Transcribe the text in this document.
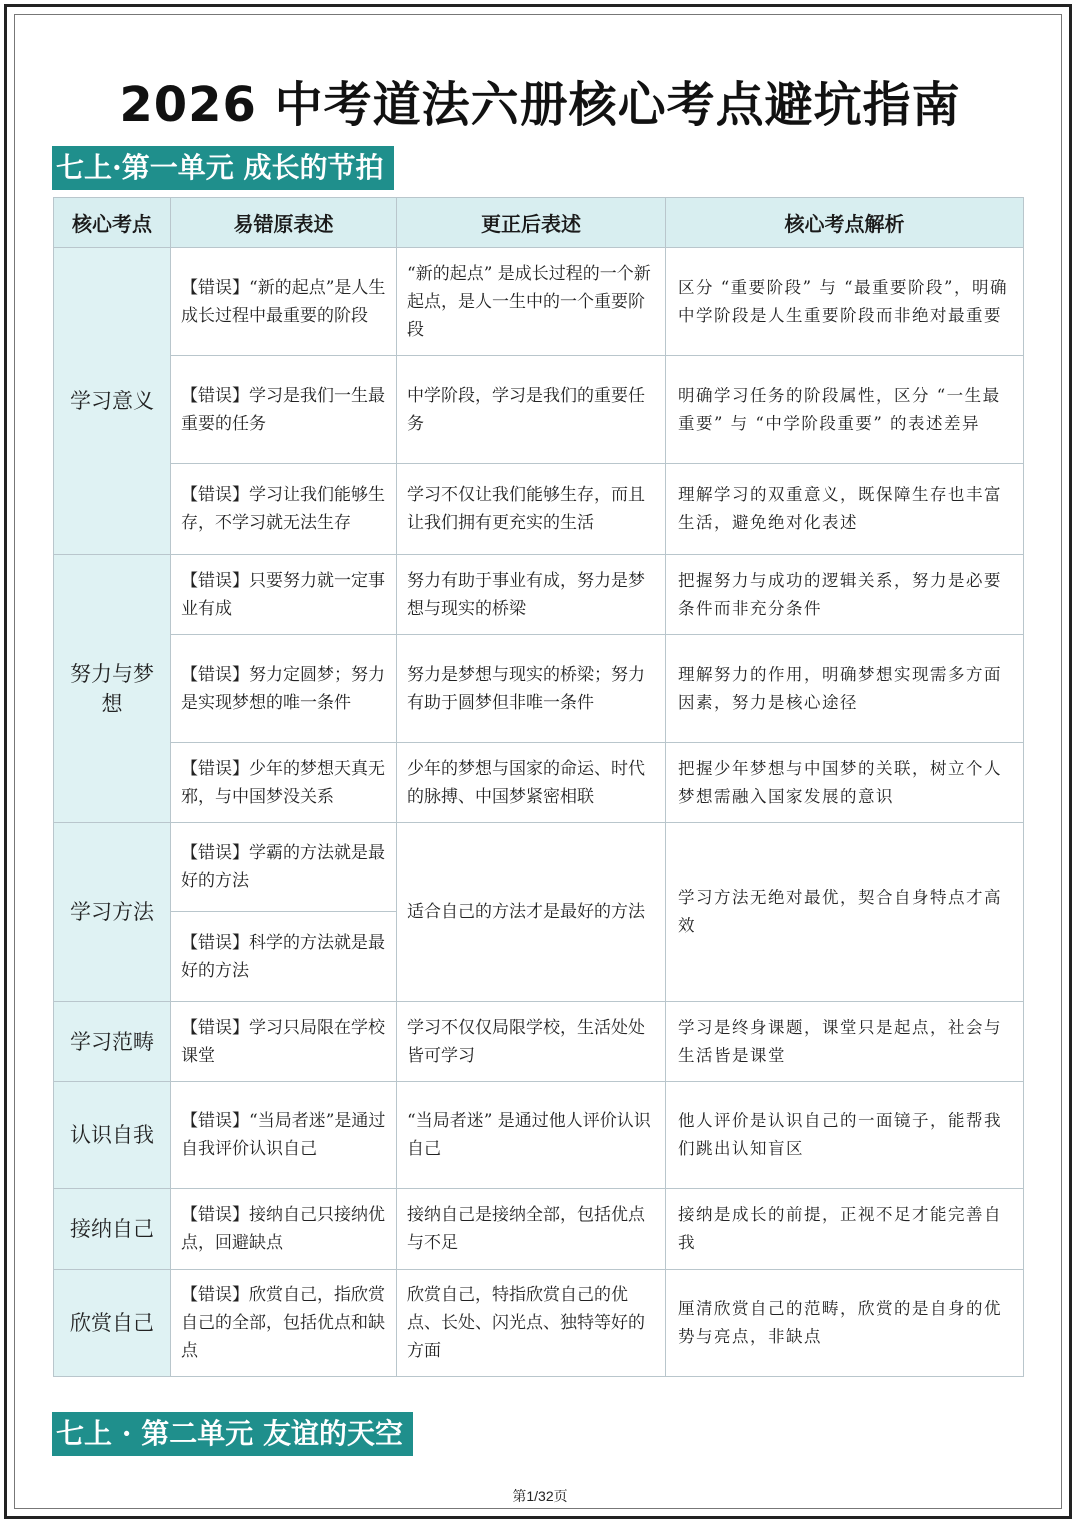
2026 中考道法六册核心考点避坑指南
七上·第一单元 成长的节拍
核心考点	易错原表述	更正后表述	核心考点解析
学习意义	【错误】“新的起点”是人生成长过程中最重要的阶段	“新的起点” 是成长过程的一个新起点，是人一生中的一个重要阶段	区分 “重要阶段” 与 “最重要阶段”，明确中学阶段是人生重要阶段而非绝对最重要
	【错误】学习是我们一生最重要的任务	中学阶段，学习是我们的重要任务	明确学习任务的阶段属性，区分 “一生最重要” 与 “中学阶段重要” 的表述差异
	【错误】学习让我们能够生存，不学习就无法生存	学习不仅让我们能够生存，而且让我们拥有更充实的生活	理解学习的双重意义，既保障生存也丰富生活，避免绝对化表述
努力与梦想	【错误】只要努力就一定事业有成	努力有助于事业有成，努力是梦想与现实的桥梁	把握努力与成功的逻辑关系，努力是必要条件而非充分条件
	【错误】努力定圆梦；努力是实现梦想的唯一条件	努力是梦想与现实的桥梁；努力有助于圆梦但非唯一条件	理解努力的作用，明确梦想实现需多方面因素，努力是核心途径
	【错误】少年的梦想天真无邪，与中国梦没关系	少年的梦想与国家的命运、时代的脉搏、中国梦紧密相联	把握少年梦想与中国梦的关联，树立个人梦想需融入国家发展的意识
学习方法	【错误】学霸的方法就是最好的方法	适合自己的方法才是最好的方法	学习方法无绝对最优，契合自身特点才高效
	【错误】科学的方法就是最好的方法		
学习范畴	【错误】学习只局限在学校课堂	学习不仅仅局限学校，生活处处皆可学习	学习是终身课题，课堂只是起点，社会与生活皆是课堂
认识自我	【错误】“当局者迷”是通过自我评价认识自己	“当局者迷” 是通过他人评价认识自己	他人评价是认识自己的一面镜子，能帮我们跳出认知盲区
接纳自己	【错误】接纳自己只接纳优点，回避缺点	接纳自己是接纳全部，包括优点与不足	接纳是成长的前提，正视不足才能完善自我
欣赏自己	【错误】欣赏自己，指欣赏自己的全部，包括优点和缺点	欣赏自己，特指欣赏自己的优点、长处、闪光点、独特等好的方面	厘清欣赏自己的范畴，欣赏的是自身的优势与亮点，非缺点
七上 · 第二单元 友谊的天空
第1/32页
